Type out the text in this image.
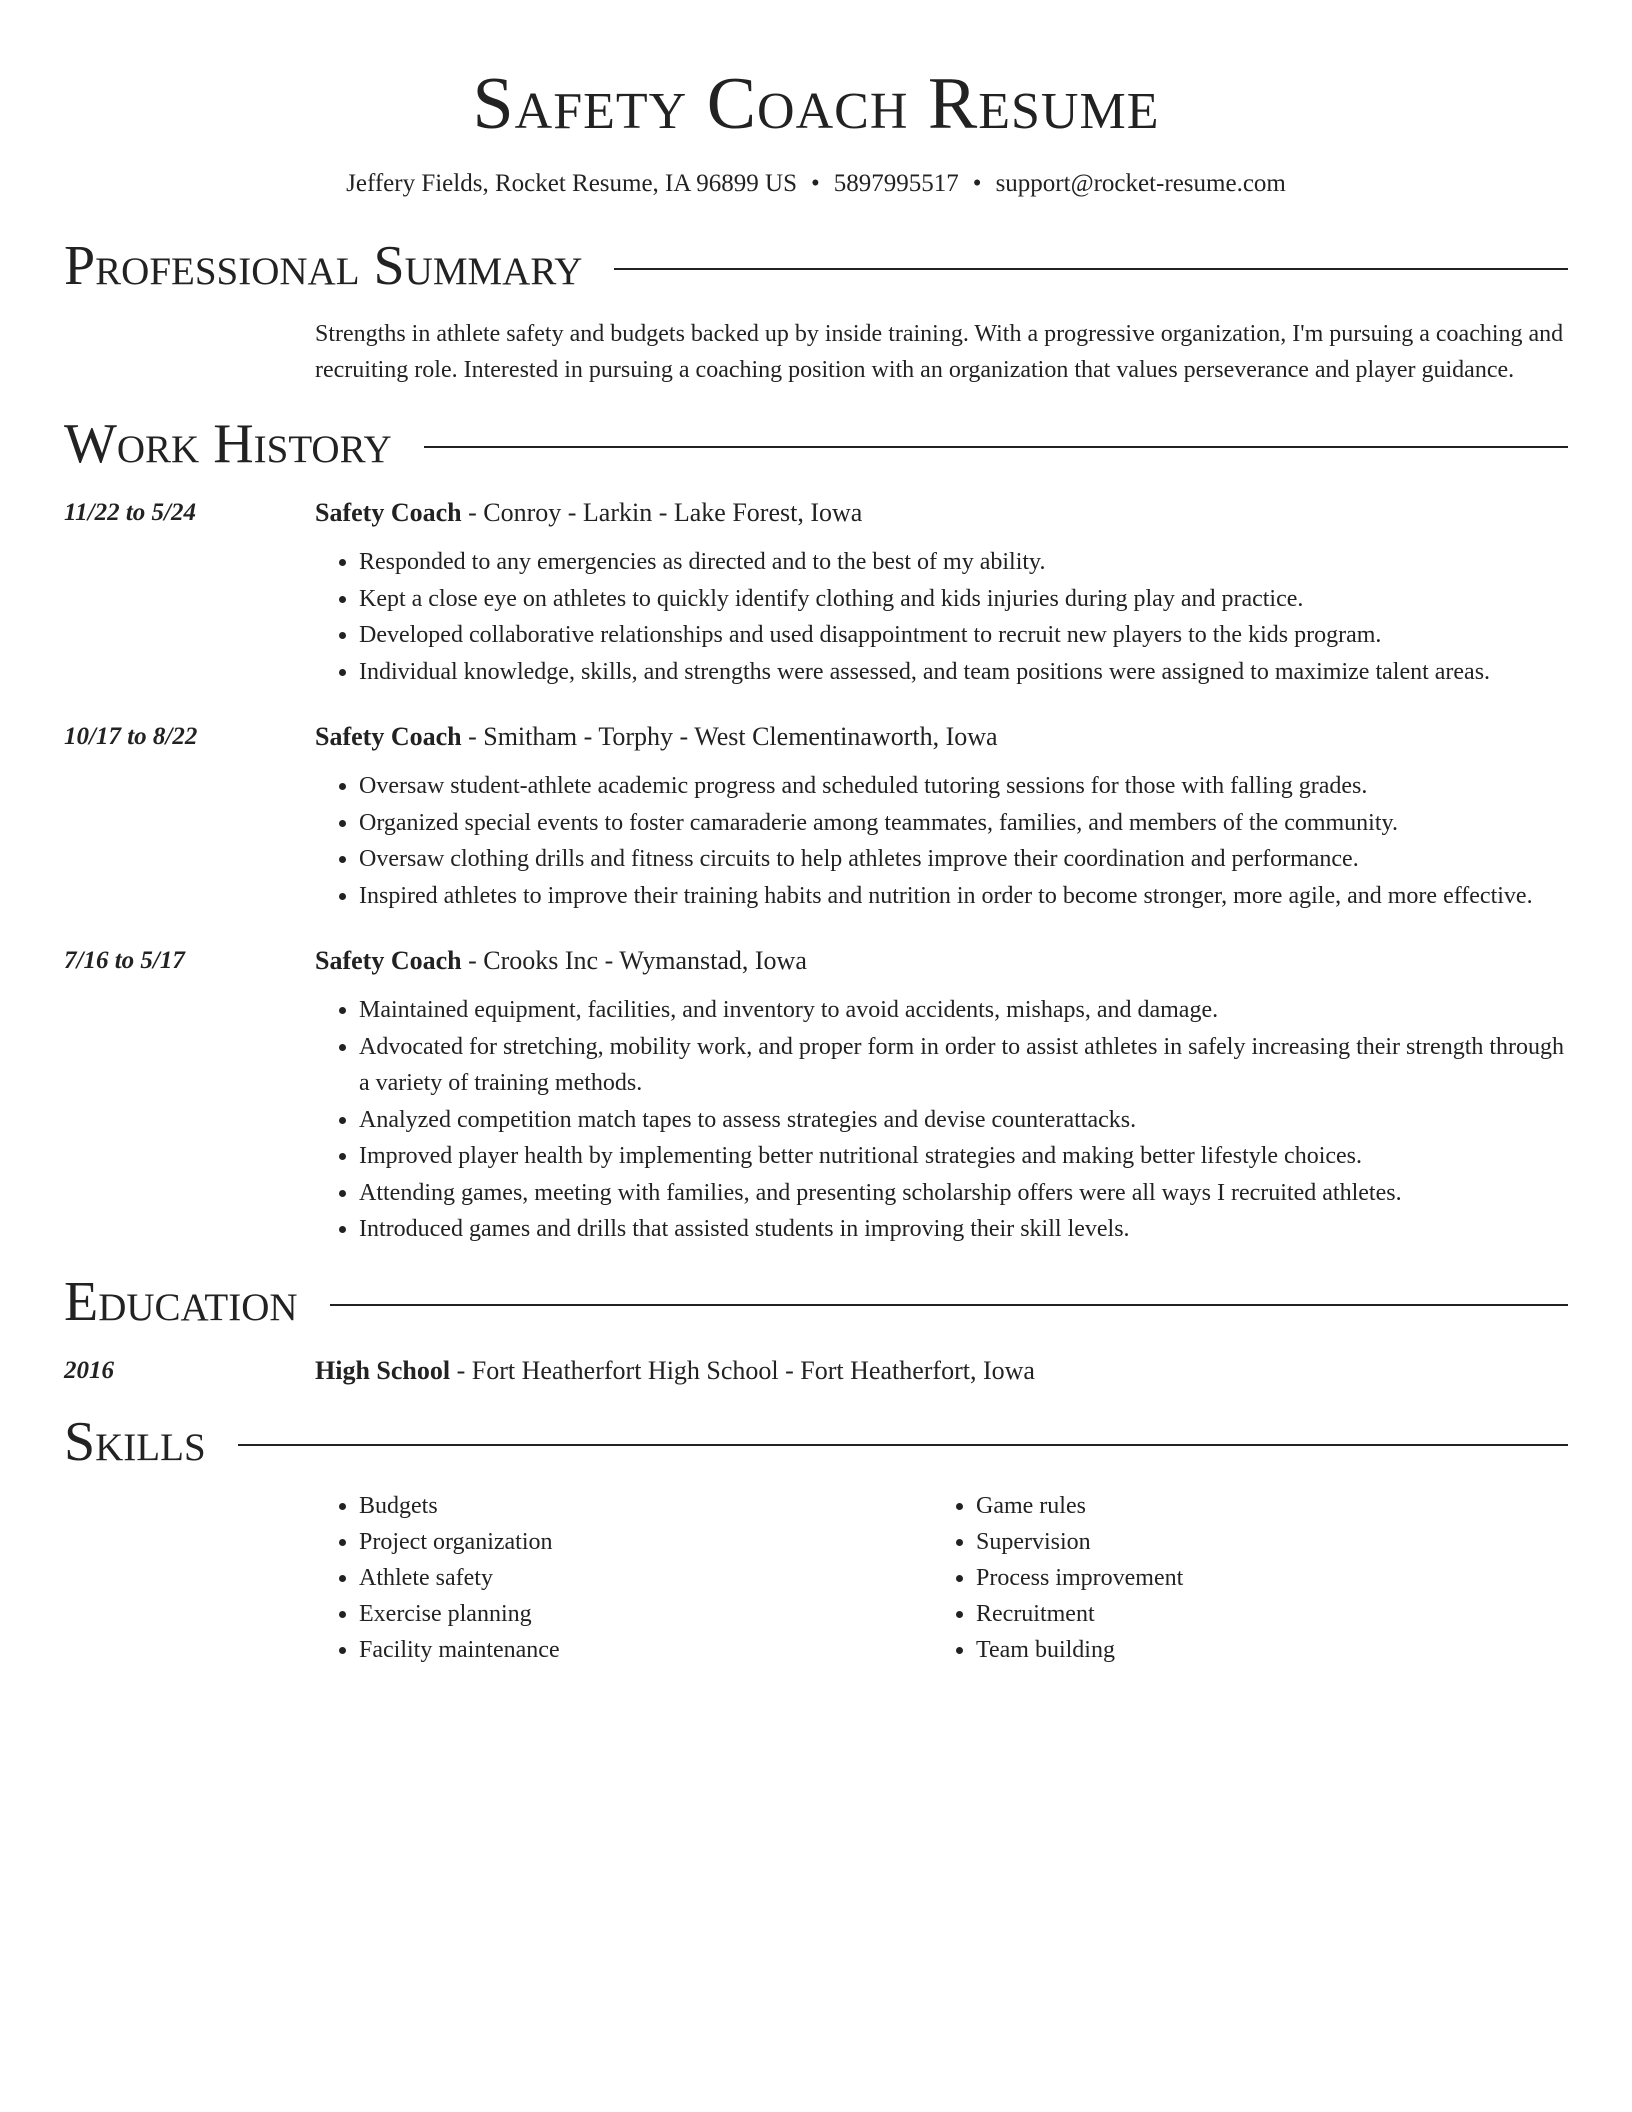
Safety Coach Resume
Jeffery Fields, Rocket Resume, IA 96899 US • 5897995517 • support@rocket-resume.com
Professional Summary
Strengths in athlete safety and budgets backed up by inside training. With a progressive organization, I'm pursuing a coaching and recruiting role. Interested in pursuing a coaching position with an organization that values perseverance and player guidance.
Work History
11/22 to 5/24	Safety Coach - Conroy - Larkin - Lake Forest, Iowa
• Responded to any emergencies as directed and to the best of my ability.
• Kept a close eye on athletes to quickly identify clothing and kids injuries during play and practice.
• Developed collaborative relationships and used disappointment to recruit new players to the kids program.
• Individual knowledge, skills, and strengths were assessed, and team positions were assigned to maximize talent areas.
10/17 to 8/22	Safety Coach - Smitham - Torphy - West Clementinaworth, Iowa
• Oversaw student-athlete academic progress and scheduled tutoring sessions for those with falling grades.
• Organized special events to foster camaraderie among teammates, families, and members of the community.
• Oversaw clothing drills and fitness circuits to help athletes improve their coordination and performance.
• Inspired athletes to improve their training habits and nutrition in order to become stronger, more agile, and more effective.
7/16 to 5/17	Safety Coach - Crooks Inc - Wymanstad, Iowa
• Maintained equipment, facilities, and inventory to avoid accidents, mishaps, and damage.
• Advocated for stretching, mobility work, and proper form in order to assist athletes in safely increasing their strength through a variety of training methods.
• Analyzed competition match tapes to assess strategies and devise counterattacks.
• Improved player health by implementing better nutritional strategies and making better lifestyle choices.
• Attending games, meeting with families, and presenting scholarship offers were all ways I recruited athletes.
• Introduced games and drills that assisted students in improving their skill levels.
Education
2016	High School - Fort Heatherfort High School - Fort Heatherfort, Iowa
Skills
• Budgets
• Project organization
• Athlete safety
• Exercise planning
• Facility maintenance
• Game rules
• Supervision
• Process improvement
• Recruitment
• Team building
